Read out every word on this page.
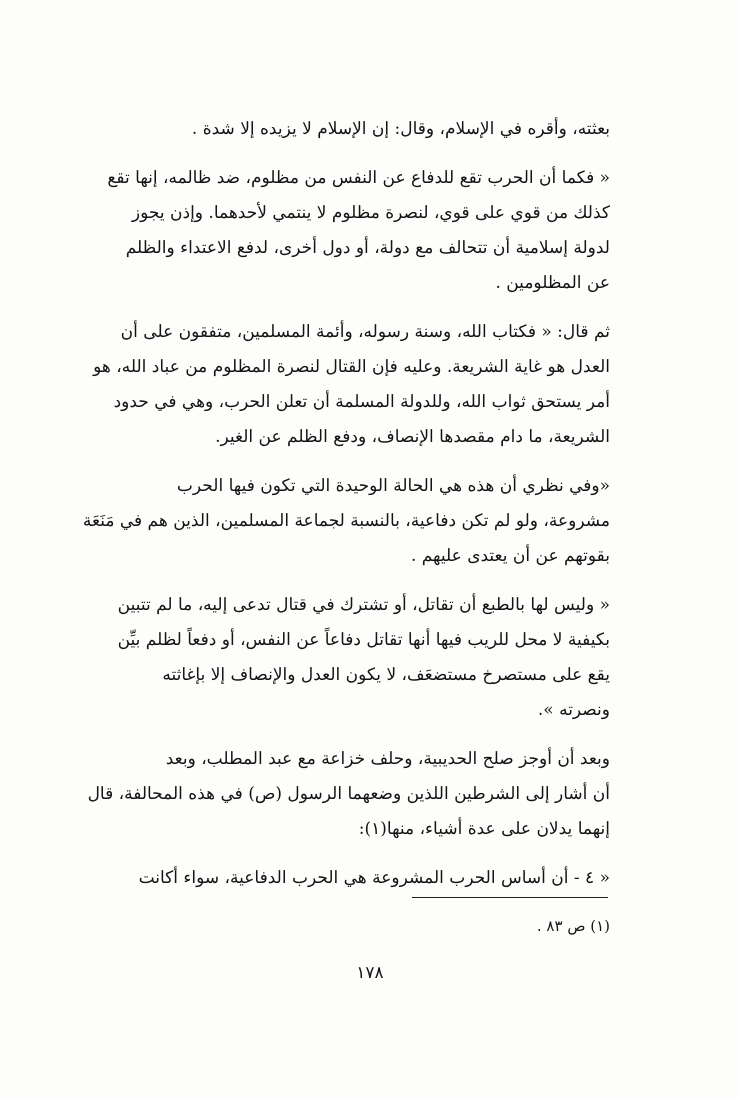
بعثته، وأقره في الإسلام، وقال: إن الإسلام لا يزيده إلا شدة .
« فكما أن الحرب تقع للدفاع عن النفس من مظلوم، ضد ظالمه، إنها تقع
كذلك من قوي على قوي، لنصرة مظلوم لا ينتمي لأحدهما. وإذن يجوز
لدولة إسلامية أن تتحالف مع دولة، أو دول أخرى، لدفع الاعتداء والظلم
عن المظلومين .
ثم قال: « فكتاب الله، وسنة رسوله، وأئمة المسلمين، متفقون على أن
العدل هو غاية الشريعة. وعليه فإن القتال لنصرة المظلوم من عباد الله، هو
أمر يستحق ثواب الله، وللدولة المسلمة أن تعلن الحرب، وهي في حدود
الشريعة، ما دام مقصدها الإنصاف، ودفع الظلم عن الغير.
«وفي نظري أن هذه هي الحالة الوحيدة التي تكون فيها الحرب
مشروعة، ولو لم تكن دفاعية، بالنسبة لجماعة المسلمين، الذين هم في مَنَعَة
بقوتهم عن أن يعتدى عليهم .
« وليس لها بالطبع أن تقاتل، أو تشترك في قتال تدعى إليه، ما لم تتبين
بكيفية لا محل للريب فيها أنها تقاتل دفاعاً عن النفس، أو دفعاً لظلم بيِّن
يقع على مستصرخ مستضعَف، لا يكون العدل والإنصاف إلا بإغاثته
ونصرته ».
وبعد أن أوجز صلح الحديبية، وحلف خزاعة مع عبد المطلب، وبعد
أن أشار إلى الشرطين اللذين وضعهما الرسول (ص) في هذه المحالفة، قال
إنهما يدلان على عدة أشياء، منها(١):
« ٤ - أن أساس الحرب المشروعة هي الحرب الدفاعية، سواء أكانت
(١) ص ٨٣ .
١٧٨
